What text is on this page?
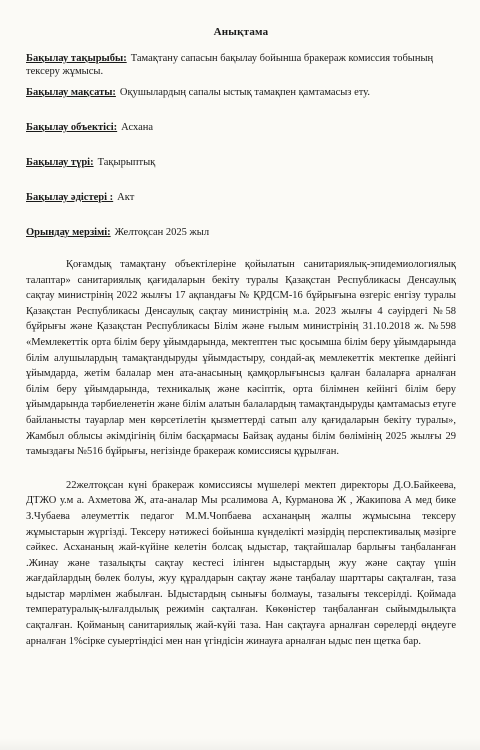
Анықтама

Бақылау тақырыбы: Тамақтану сапасын бақылау бойынша бракераж комиссия тобының тексеру жұмысы.

Бақылау мақсаты: Оқушылардың сапалы ыстық тамақпен қамтамасыз ету.

Бақылау объектісі: Асхана

Бақылау түрі: Тақырыптық

Бақылау әдістері : Акт

Орындау мерзімі: Желтоқсан 2025 жыл

Қоғамдық тамақтану объектілеріне қойылатын санитариялық-эпидемиологиялық талаптар» санитариялық қағидаларын бекіту туралы Қазақстан Республикасы Денсаулық сақтау министрінің 2022 жылғы 17 ақпандағы № ҚРДСМ-16 бұйрығына өзгеріс енгізу туралы Қазақстан Республикасы Денсаулық сақтау министрінің м.а. 2023 жылғы 4 сәуірдегі №58 бұйрығы және Қазақстан Республикасы Білім және ғылым министрінің 31.10.2018 ж. №598 «Мемлекеттік орта білім беру ұйымдарында, мектептен тыс қосымша білім беру ұйымдарында білім алушылардың тамақтандыруды ұйымдастыру, сондай-ақ мемлекеттік мектепке дейінгі ұйымдарда, жетім балалар мен ата-анасының қамқорлығынсыз қалған балаларға арналған білім беру ұйымдарында, техникалық және кәсіптік, орта білімнен кейінгі білім беру ұйымдарында тәрбиеленетін және білім алатын балалардың тамақтандыруды қамтамасыз етуге байланысты тауарлар мен көрсетілетін қызметтерді сатып алу қағидаларын бекіту туралы», Жамбыл облысы әкімдігінің білім басқармасы Байзақ ауданы білім бөлімінің 2025 жылғы 29 тамыздағы №516 бұйрығы, негізінде бракераж комиссиясы құрылған.

22желтоқсан күні бракераж комиссиясы мүшелері мектеп директоры Д.О.Байкеева, ДТЖО у.м а. Ахметова Ж, ата-аналар Мы рсалимова А, Курманова Ж , Жакипова А мед бике З.Чубаева әлеуметтік педагог М.М.Чопбаева асханаңың жалпы жұмысына тексеру жұмыстарын жүргізді. Тексеру нәтижесі бойынша күнделікті мәзірдің перспективалық мәзірге сәйкес. Асхананың жай-күйіне келетін болсақ ыдыстар, тақтайшалар барлығы таңбаланған .Жинау және тазалықты сақтау кестесі ілінген ыдыстардың жуу және сақтау үшін жағдайлардың бөлек болуы, жуу құралдарын сақтау және таңбалау шарттары сақталған, таза ыдыстар мәрлімен жабылған. Ыдыстардың сынығы болмауы, тазалығы тексерілді. Қоймада температуралық-ылғалдылық режимін сақталған. Көкөністер таңбаланған сыйымдылықта сақталған. Қойманың санитариялық жай-күйі таза. Нан сақтауға арналған сөрелерді өңдеуге арналған 1%сірке суыертіндісі мен нан үгіндісін жинауға арналған ыдыс пен щетка бар.
